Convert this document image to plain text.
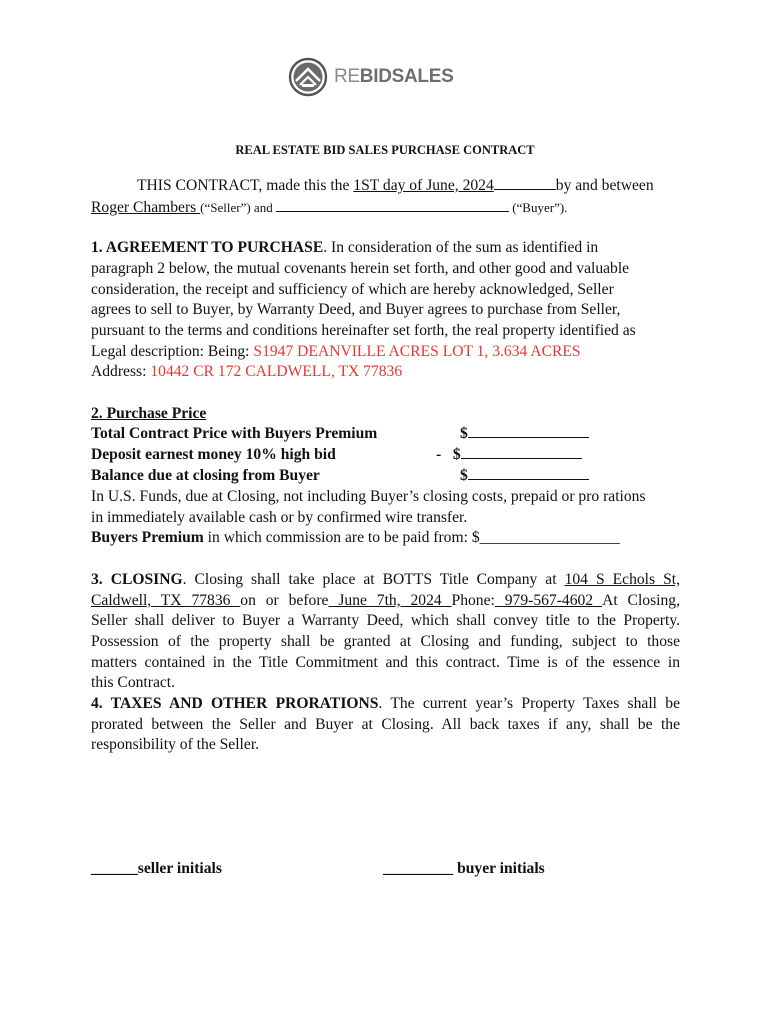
REBIDSALES
REAL ESTATE BID SALES PURCHASE CONTRACT
THIS CONTRACT, made this the 1ST day of June, 2024	by and between
Roger Chambers (“Seller”) and	(“Buyer”).
1. AGREEMENT TO PURCHASE. In consideration of the sum as identified in
paragraph 2 below, the mutual covenants herein set forth, and other good and valuable
consideration, the receipt and sufficiency of which are hereby acknowledged, Seller
agrees to sell to Buyer, by Warranty Deed, and Buyer agrees to purchase from Seller,
pursuant to the terms and conditions hereinafter set forth, the real property identified as
Legal description: Being: S1947 DEANVILLE ACRES LOT 1, 3.634 ACRES
Address: 10442 CR 172 CALDWELL, TX 77836
2. Purchase Price
Total Contract Price with Buyers Premium	$
Deposit earnest money 10% high bid	- $
Balance due at closing from Buyer	$
In U.S. Funds, due at Closing, not including Buyer’s closing costs, prepaid or pro rations
in immediately available cash or by confirmed wire transfer.
Buyers Premium in which commission are to be paid from: $__________________
3. CLOSING. Closing shall take place at BOTTS Title Company at 104 S Echols St,
Caldwell, TX 77836 on or before June 7th, 2024 Phone: 979-567-4602 At Closing,
Seller shall deliver to Buyer a Warranty Deed, which shall convey title to the Property.
Possession of the property shall be granted at Closing and funding, subject to those
matters contained in the Title Commitment and this contract. Time is of the essence in
this Contract.
4. TAXES AND OTHER PRORATIONS. The current year’s Property Taxes shall be
prorated between the Seller and Buyer at Closing. All back taxes if any, shall be the
responsibility of the Seller.
______seller initials	_________ buyer initials
